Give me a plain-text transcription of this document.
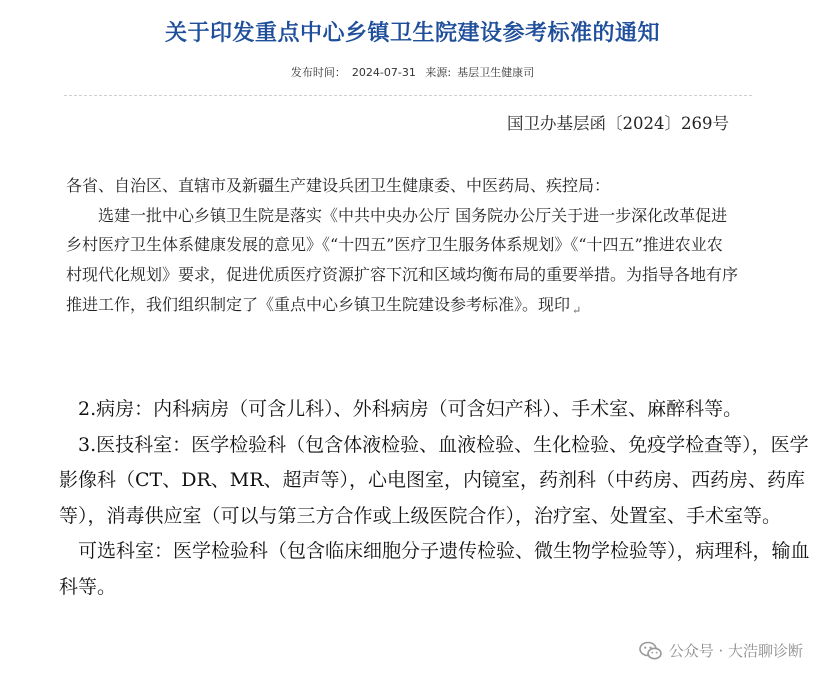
关于印发重点中心乡镇卫生院建设参考标准的通知
发布时间： 2024-07-31 来源: 基层卫生健康司
国卫办基层函〔2024〕269号

各省、自治区、直辖市及新疆生产建设兵团卫生健康委、中医药局、疾控局：

选建一批中心乡镇卫生院是落实《中共中央办公厅 国务院办公厅关于进一步深化改革促进乡村医疗卫生体系健康发展的意见》《“十四五”医疗卫生服务体系规划》《“十四五”推进农业农村现代化规划》要求，促进优质医疗资源扩容下沉和区域均衡布局的重要举措。为指导各地有序推进工作，我们组织制定了《重点中心乡镇卫生院建设参考标准》。现印 $_↵$

2.病房：内科病房（可含儿科）、外科病房（可含妇产科）、手术室、麻醉科等。

3.医技科室：医学检验科（包含体液检验、血液检验、生化检验、免疫学检查等），医学影像科（CT、DR、MR、超声等），心电图室，内镜室，药剂科（中药房、西药房、药库等），消毒供应室（可以与第三方合作或上级医院合作），治疗室、处置室、手术室等。

可选科室：医学检验科（包含临床细胞分子遗传检验、微生物学检验等），病理科，输血科等。

公众号 · 大浩聊诊断
